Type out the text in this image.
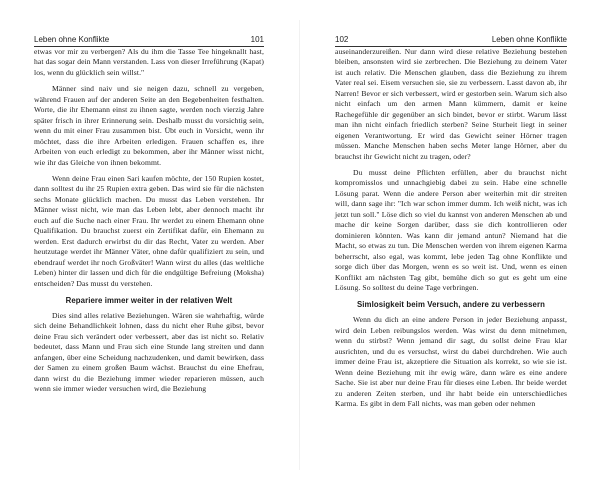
Leben ohne Konflikte	101

etwas vor mir zu verbergen? Als du ihm die Tasse Tee hingeknallt hast, hat das sogar dein Mann verstanden. Lass von dieser Irreführung (Kapat) los, wenn du glücklich sein willst."

Männer sind naiv und sie neigen dazu, schnell zu vergeben, während Frauen auf der anderen Seite an den Begebenheiten festhalten. Worte, die ihr Ehemann einst zu ihnen sagte, werden noch vierzig Jahre später frisch in ihrer Erinnerung sein. Deshalb musst du vorsichtig sein, wenn du mit einer Frau zusammen bist. Übt euch in Vorsicht, wenn ihr möchtet, dass die ihre Arbeiten erledigen. Frauen schaffen es, ihre Arbeiten von euch erledigt zu bekommen, aber ihr Männer wisst nicht, wie ihr das Gleiche von ihnen bekommt.

Wenn deine Frau einen Sari kaufen möchte, der 150 Rupien kostet, dann solltest du ihr 25 Rupien extra geben. Das wird sie für die nächsten sechs Monate glücklich machen. Du musst das Leben verstehen. Ihr Männer wisst nicht, wie man das Leben lebt, aber dennoch macht ihr euch auf die Suche nach einer Frau. Ihr werdet zu einem Ehemann ohne Qualifikation. Du brauchst zuerst ein Zertifikat dafür, ein Ehemann zu werden. Erst dadurch erwirbst du dir das Recht, Vater zu werden. Aber heutzutage werdet ihr Männer Väter, ohne dafür qualifiziert zu sein, und ebendrauf werdet ihr noch Großväter! Wann wirst du alles (das weltliche Leben) hinter dir lassen und dich für die endgültige Befreiung (Moksha) entscheiden? Das musst du verstehen.

Repariere immer weiter in der relativen Welt

Dies sind alles relative Beziehungen. Wären sie wahrhaftig, würde sich deine Behandlichkeit lohnen, dass du nicht eher Ruhe gibst, bevor deine Frau sich verändert oder verbessert, aber das ist nicht so. Relativ bedeutet, dass Mann und Frau sich eine Stunde lang streiten und dann anfangen, über eine Scheidung nachzudenken, und damit bewirken, dass der Samen zu einem großen Baum wächst. Brauchst du eine Ehefrau, dann wirst du die Beziehung immer wieder reparieren müssen, auch wenn sie immer wieder versuchen wird, die Beziehung

102	Leben ohne Konflikte

auseinanderzureißen. Nur dann wird diese relative Beziehung bestehen bleiben, ansonsten wird sie zerbrechen. Die Beziehung zu deinem Vater ist auch relativ. Die Menschen glauben, dass die Beziehung zu ihrem Vater real sei. Eisem versuchen sie, sie zu verbessern. Lasst davon ab, ihr Narren! Bevor er sich verbessert, wird er gestorben sein. Warum sich also nicht einfach um den armen Mann kümmern, damit er keine Rachegefühle dir gegenüber an sich bindet, bevor er stirbt. Warum lässt man ihn nicht einfach friedlich sterben? Seine Sturheit liegt in seiner eigenen Verantwortung. Er wird das Gewicht seiner Hörner tragen müssen. Manche Menschen haben sechs Meter lange Hörner, aber du brauchst ihr Gewicht nicht zu tragen, oder?

Du musst deine Pflichten erfüllen, aber du brauchst nicht kompromisslos und unnachgiebig dabei zu sein. Habe eine schnelle Lösung parat. Wenn die andere Person aber weiterhin mit dir streiten will, dann sage ihr: "Ich war schon immer dumm. Ich weiß nicht, was ich jetzt tun soll." Löse dich so viel du kannst von anderen Menschen ab und mache dir keine Sorgen darüber, dass sie dich kontrollieren oder dominieren könnten. Was kann dir jemand antun? Niemand hat die Macht, so etwas zu tun. Die Menschen werden von ihrem eigenen Karma beherrscht, also egal, was kommt, lebe jeden Tag ohne Konflikte und sorge dich über das Morgen, wenn es so weit ist. Und, wenn es einen Konflikt am nächsten Tag gibt, bemühe dich so gut es geht um eine Lösung. So solltest du deine Tage verbringen.

Simlosigkeit beim Versuch, andere zu verbessern

Wenn du dich an eine andere Person in jeder Beziehung anpasst, wird dein Leben reibungslos werden. Was wirst du denn mitnehmen, wenn du stirbst? Wenn jemand dir sagt, du sollst deine Frau klar ausrichten, und du es versuchst, wirst du dabei durchdrehen. Wie auch immer deine Frau ist, akzeptiere die Situation als korrekt, so wie sie ist. Wenn deine Beziehung mit ihr ewig wäre, dann wäre es eine andere Sache. Sie ist aber nur deine Frau für dieses eine Leben. Ihr beide werdet zu anderen Zeiten sterben, und ihr habt beide ein unterschiedliches Karma. Es gibt in dem Fall nichts, was man geben oder nehmen
